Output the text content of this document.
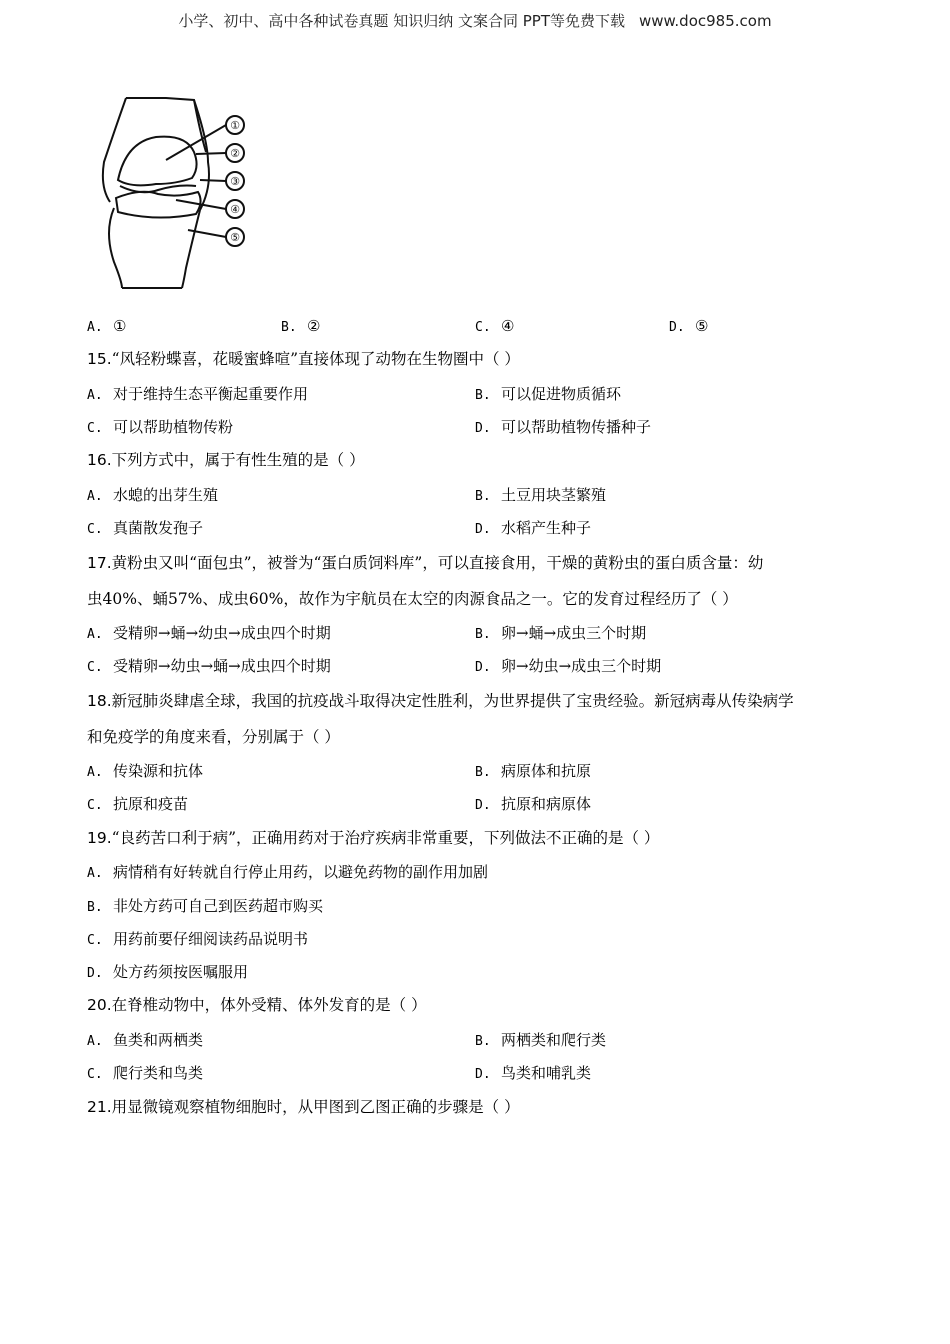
小学、初中、高中各种试卷真题 知识归纳 文案合同 PPT等免费下载 www.doc985.com
①
②
③
④
⑤
A. ①	B. ②	C. ④	D. ⑤
15.“风轻粉蝶喜，花暖蜜蜂喧”直接体现了动物在生物圈中（ ）
A. 对于维持生态平衡起重要作用	B. 可以促进物质循环
C. 可以帮助植物传粉	D. 可以帮助植物传播种子
16.下列方式中，属于有性生殖的是（ ）
A. 水螅的出芽生殖	B. 土豆用块茎繁殖
C. 真菌散发孢子	D. 水稻产生种子
17.黄粉虫又叫“面包虫”，被誉为“蛋白质饲料库”，可以直接食用，干燥的黄粉虫的蛋白质含量：幼
虫40%、蛹57%、成虫60%，故作为宇航员在太空的肉源食品之一。它的发育过程经历了（ ）
A. 受精卵→蛹→幼虫→成虫四个时期	B. 卵→蛹→成虫三个时期
C. 受精卵→幼虫→蛹→成虫四个时期	D. 卵→幼虫→成虫三个时期
18.新冠肺炎肆虐全球，我国的抗疫战斗取得决定性胜利，为世界提供了宝贵经验。新冠病毒从传染病学
和免疫学的角度来看，分别属于（ ）
A. 传染源和抗体	B. 病原体和抗原
C. 抗原和疫苗	D. 抗原和病原体
19.“良药苦口利于病”，正确用药对于治疗疾病非常重要，下列做法不正确的是（ ）
A. 病情稍有好转就自行停止用药，以避免药物的副作用加剧
B. 非处方药可自己到医药超市购买
C. 用药前要仔细阅读药品说明书
D. 处方药须按医嘱服用
20.在脊椎动物中，体外受精、体外发育的是（ ）
A. 鱼类和两栖类	B. 两栖类和爬行类
C. 爬行类和鸟类	D. 鸟类和哺乳类
21.用显微镜观察植物细胞时，从甲图到乙图正确的步骤是（ ）
